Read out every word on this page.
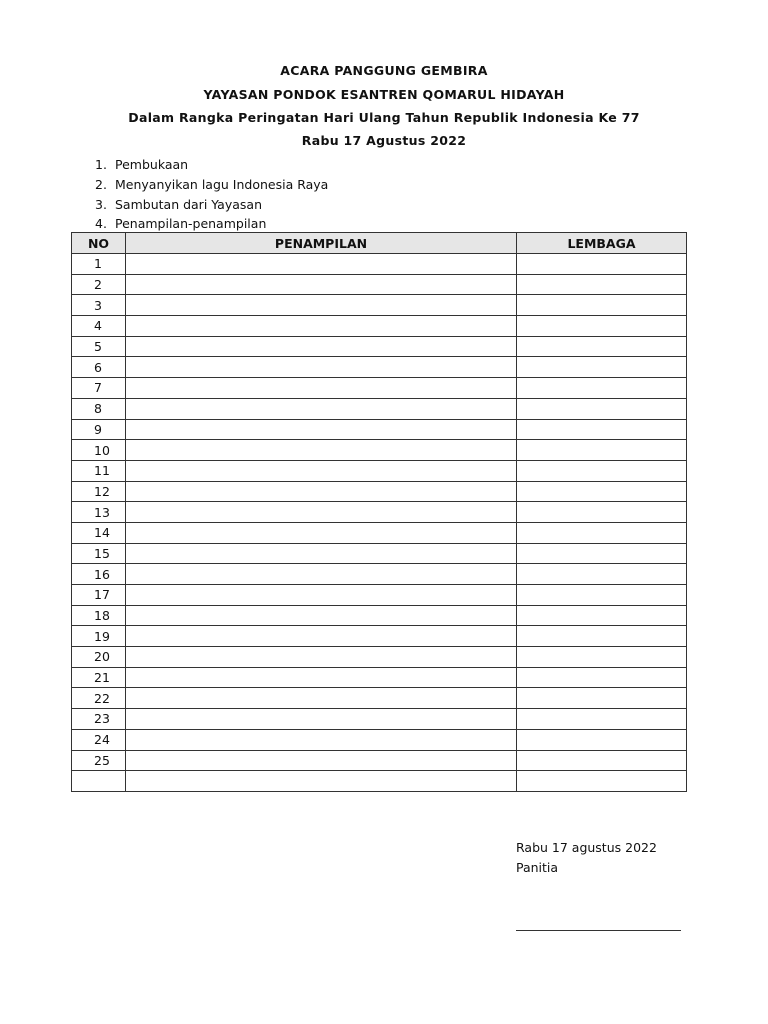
ACARA PANGGUNG GEMBIRA
YAYASAN PONDOK ESANTREN QOMARUL HIDAYAH
Dalam Rangka Peringatan Hari Ulang Tahun Republik Indonesia Ke 77
Rabu 17 Agustus 2022
1. Pembukaan
2. Menyanyikan lagu Indonesia Raya
3. Sambutan dari Yayasan
4. Penampilan-penampilan
NO	PENAMPILAN	LEMBAGA
1		
2		
3		
4		
5		
6		
7		
8		
9		
10		
11		
12		
13		
14		
15		
16		
17		
18		
19		
20		
21		
22		
23		
24		
25		

Rabu 17 agustus 2022
Panitia
